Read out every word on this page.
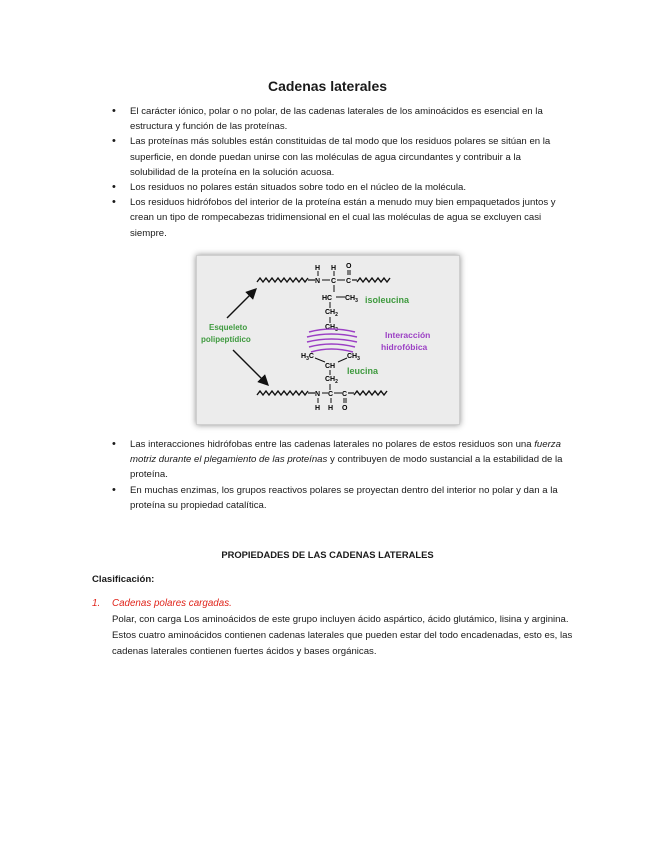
Cadenas laterales
• El carácter iónico, polar o no polar, de las cadenas laterales de los aminoácidos es esencial en la estructura y función de las proteínas.
• Las proteínas más solubles están constituidas de tal modo que los residuos polares se sitúan en la superficie, en donde puedan unirse con las moléculas de agua circundantes y contribuir a la solubilidad de la proteína en la solución acuosa.
• Los residuos no polares están situados sobre todo en el núcleo de la molécula.
• Los residuos hidrófobos del interior de la proteína están a menudo muy bien empaquetados juntos y crean un tipo de rompecabezas tridimensional en el cual las moléculas de agua se excluyen casi siempre.
H H
N C C
O
HC $CH_3$
$CH_2$
$CH_3$
isoleucina
Interacción
hidrofóbica
$H_3C$	$CH_3$
CH
$CH_2$
leucina
N C C
H H O
Esqueleto
polipeptídico
• Las interacciones hidrófobas entre las cadenas laterales no polares de estos residuos son una fuerza motriz durante el plegamiento de las proteínas y contribuyen de modo sustancial a la estabilidad de la proteína.
• En muchas enzimas, los grupos reactivos polares se proyectan dentro del interior no polar y dan a la proteína su propiedad catalítica.
PROPIEDADES DE LAS CADENAS LATERALES
Clasificación:
1. Cadenas polares cargadas.
Polar, con carga Los aminoácidos de este grupo incluyen ácido aspártico, ácido glutámico, lisina y arginina. Estos cuatro aminoácidos contienen cadenas laterales que pueden estar del todo encadenadas, esto es, las cadenas laterales contienen fuertes ácidos y bases orgánicas.
